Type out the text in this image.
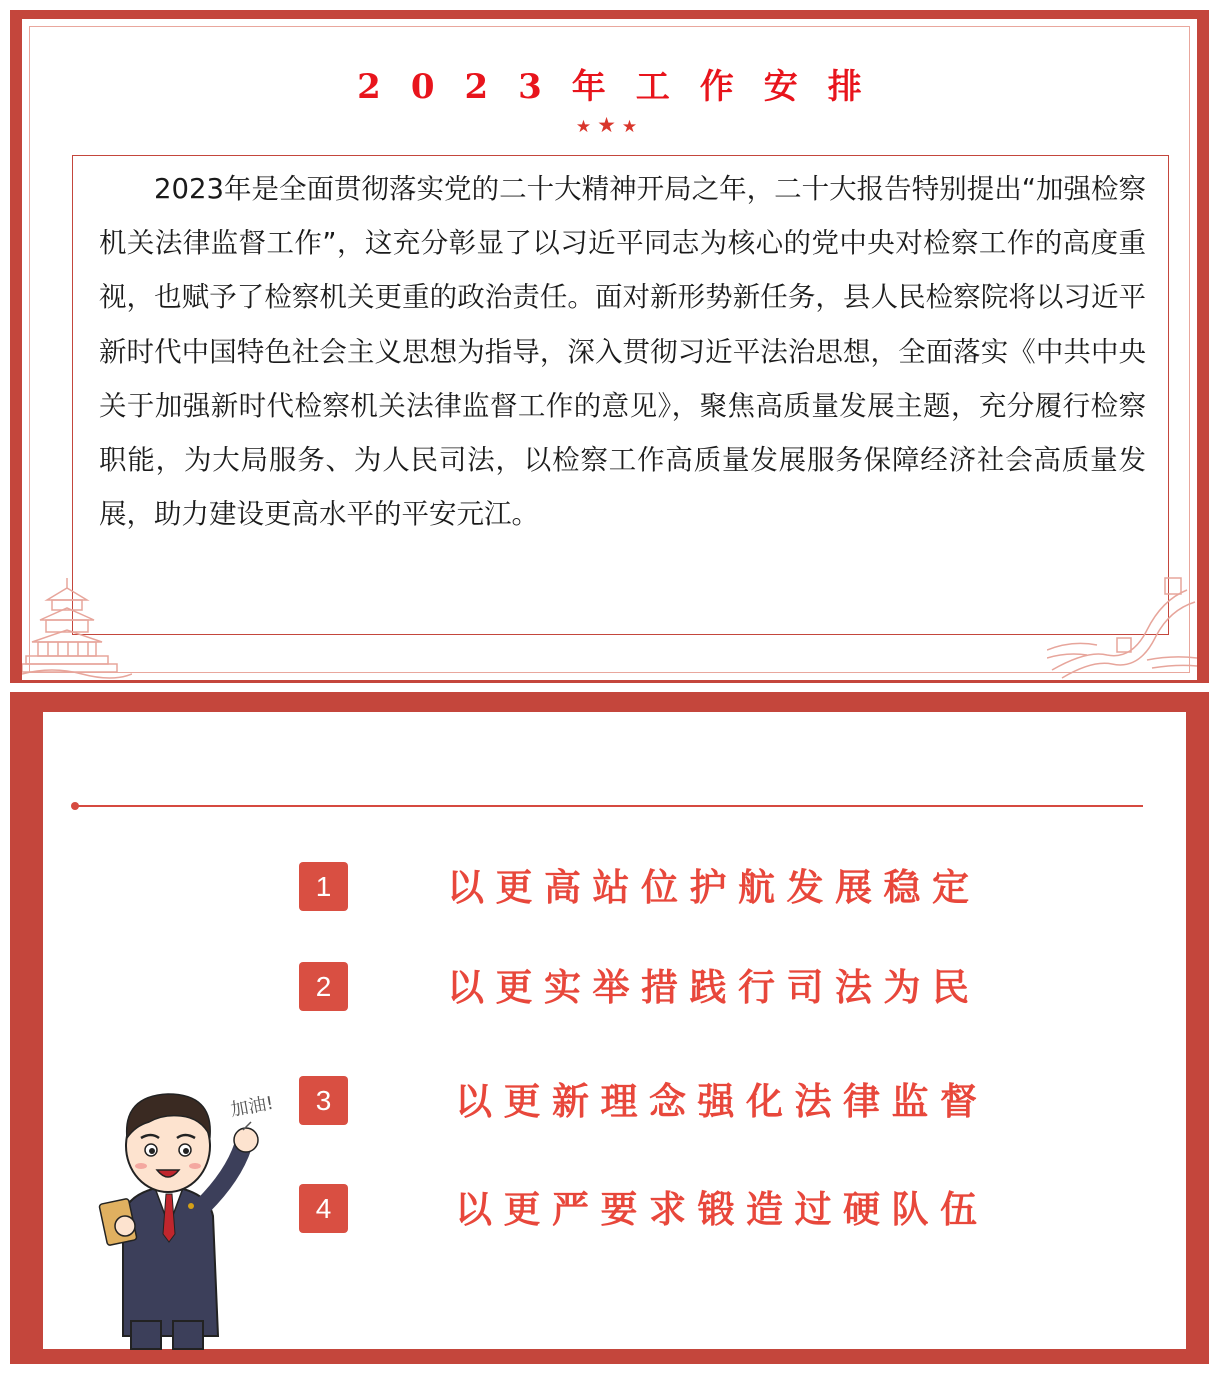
2023年工作安排
★★★

2023年是全面贯彻落实党的二十大精神开局之年，二十大报告特别提出“加强检察机关法律监督工作”，这充分彰显了以习近平同志为核心的党中央对检察工作的高度重视，也赋予了检察机关更重的政治责任。面对新形势新任务，县人民检察院将以习近平新时代中国特色社会主义思想为指导，深入贯彻习近平法治思想，全面落实《中共中央关于加强新时代检察机关法律监督工作的意见》，聚焦高质量发展主题，充分履行检察职能，为大局服务、为人民司法，以检察工作高质量发展服务保障经济社会高质量发展，助力建设更高水平的平安元江。

1	以更高站位护航发展稳定

2	以更实举措践行司法为民

3	以更新理念强化法律监督

4	以更严要求锻造过硬队伍

加油!
